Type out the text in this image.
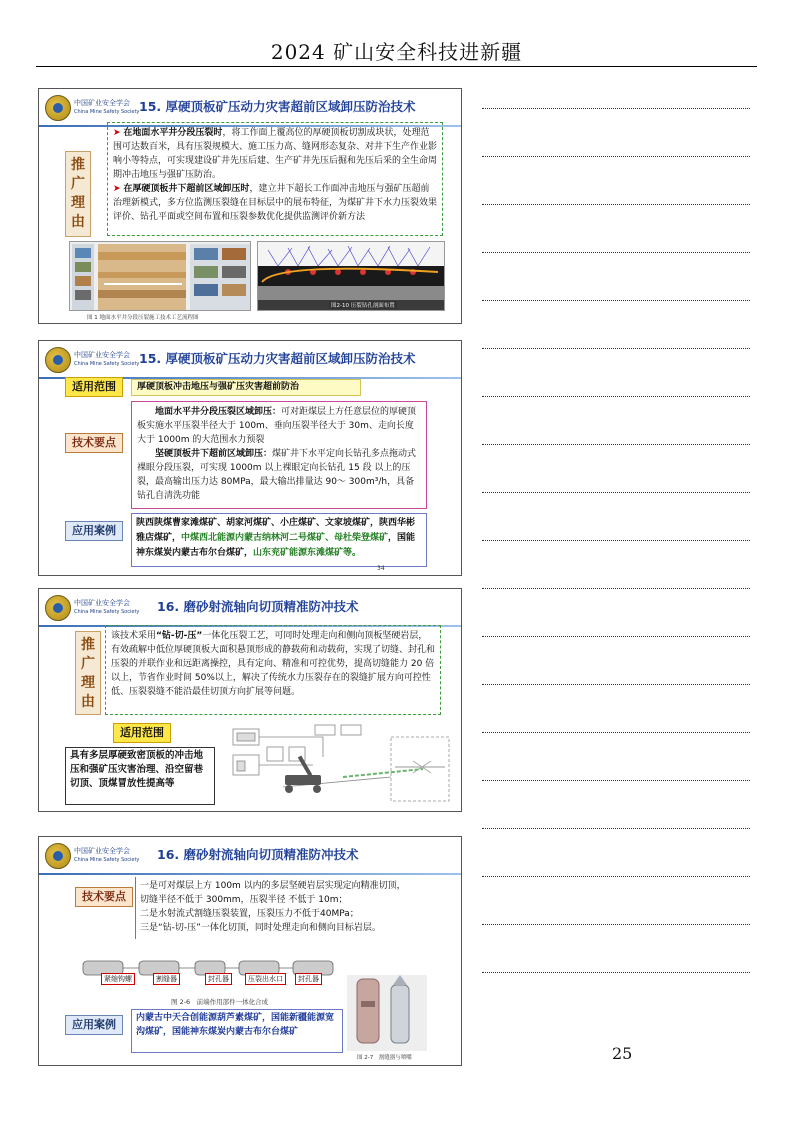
2024 矿山安全科技进新疆
中国矿业安全学会
China Mine Safety Society 15. 厚硬顶板矿压动力灾害超前区域卸压防治技术
推
广
理
由

➤ 在地面水平井分段压裂时，将工作面上覆高位的厚硬顶板切割成块状，处理范围可达数百米，具有压裂规模大、施工压力高、缝网形态复杂、对井下生产作业影响小等特点，可实现建设矿井先压后建、生产矿井先压后掘和先压后采的全生命周期冲击地压与强矿压防治。

➤ 在厚硬顶板井下超前区域卸压时，建立井下超长工作面冲击地压与强矿压超前治理新模式，多方位监测压裂缝在目标层中的展布特征，为煤矿井下水力压裂效果评价、钻孔平面或空间布置和压裂参数优化提供监测评价新方法

图 1 地面水平井分段压裂施工技术工艺流程图
图2-10 压裂钻孔剖面布置
中国矿业安全学会
China Mine Safety Society 15. 厚硬顶板矿压动力灾害超前区域卸压防治技术
适用范围	厚硬顶板冲击地压与强矿压灾害超前防治
技术要点

地面水平井分段压裂区域卸压：可对距煤层上方任意层位的厚硬顶板实施水平压裂半径大于 100m、垂向压裂半径大于 30m、走向长度大于 1000m 的大范围水力预裂

坚硬顶板井下超前区域卸压：煤矿井下水平定向长钻孔多点拖动式裸眼分段压裂，可实现 1000m 以上裸眼定向长钻孔 15 段 以上的压裂，最高输出压力达 80MPa，最大输出排量达 90～ 300m³/h，具备钻孔自清洗功能

应用案例
陕西陕煤曹家滩煤矿、胡家河煤矿、小庄煤矿、文家坡煤矿，陕西华彬雅店煤矿，中煤西北能源内蒙古纳林河二号煤矿、母杜柴登煤矿，国能神东煤炭内蒙古布尔台煤矿，山东兖矿能源东滩煤矿等。
34
中国矿业安全学会
China Mine Safety Society 16. 磨砂射流轴向切顶精准防冲技术
推
广
理
由
该技术采用“钻-切-压”一体化压裂工艺，可同时处理走向和侧向顶板坚硬岩层，有效疏解中低位厚硬顶板大面积悬顶形成的静载荷和动载荷，实现了切缝、封孔和压裂的并联作业和远距离操控，具有定向、精准和可控优势，提高切缝能力 20 倍以上，节省作业时间 50%以上，解决了传统水力压裂存在的裂缝扩展方向可控性低、压裂裂缝不能沿最佳切顶方向扩展等问题。
适用范围
具有多层厚硬致密顶板的冲击地压和强矿压灾害治理、沿空留巷切顶、顶煤冒放性提高等
中国矿业安全学会
China Mine Safety Society 16. 磨砂射流轴向切顶精准防冲技术
技术要点

一是可对煤层上方 100m 以内的多层坚硬岩层实现定向精准切顶，

切缝半径不低于 300mm，压裂半径 不低于 10m；

二是水射流式割缝压裂装置，压裂压力不低于40MPa；

三是“钻-切-压”一体化切顶，同时处理走向和侧向目标岩层。

紧缩钩螺	割缝器	封孔器	压裂出水口	封孔器
图 2-6　前端作用部件一体化合成
图 2-7　割缝器与喷嘴
应用案例	内蒙古中天合创能源葫芦素煤矿，国能新疆能源宽沟煤矿，国能神东煤炭内蒙古布尔台煤矿
25
